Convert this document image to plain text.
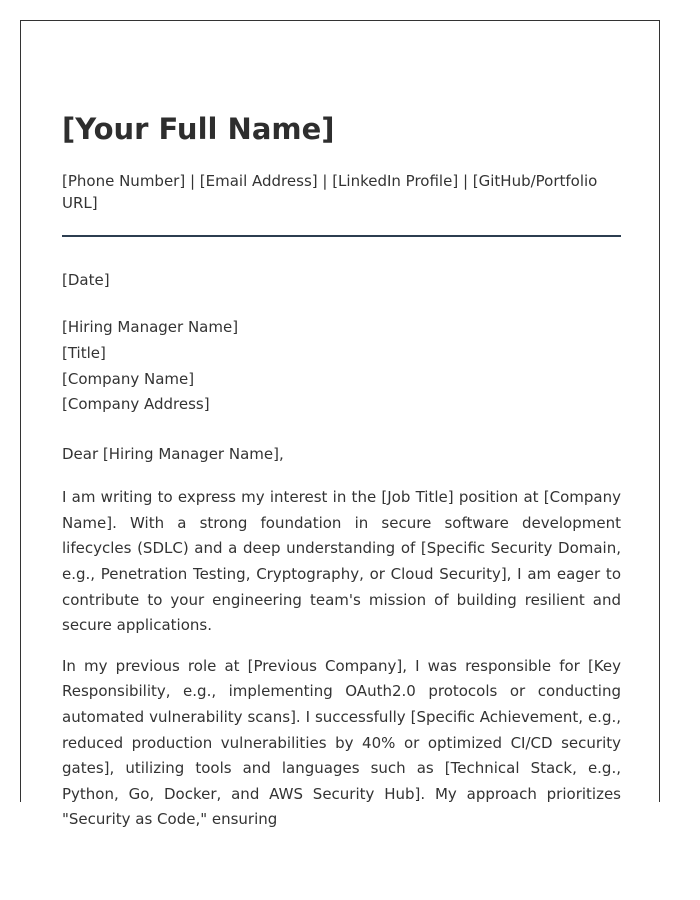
[Your Full Name]
[Phone Number] | [Email Address] | [LinkedIn Profile] | [GitHub/Portfolio URL]
[Date]
[Hiring Manager Name]
[Title]
[Company Name]
[Company Address]
Dear [Hiring Manager Name],

I am writing to express my interest in the [Job Title] position at [Company Name]. With a strong foundation in secure software development lifecycles (SDLC) and a deep understanding of [Specific Security Domain, e.g., Penetration Testing, Cryptography, or Cloud Security], I am eager to contribute to your engineering team's mission of building resilient and secure applications.

In my previous role at [Previous Company], I was responsible for [Key Responsibility, e.g., implementing OAuth2.0 protocols or conducting automated vulnerability scans]. I successfully [Specific Achievement, e.g., reduced production vulnerabilities by 40% or optimized CI/CD security gates], utilizing tools and languages such as [Technical Stack, e.g., Python, Go, Docker, and AWS Security Hub]. My approach prioritizes "Security as Code," ensuring
